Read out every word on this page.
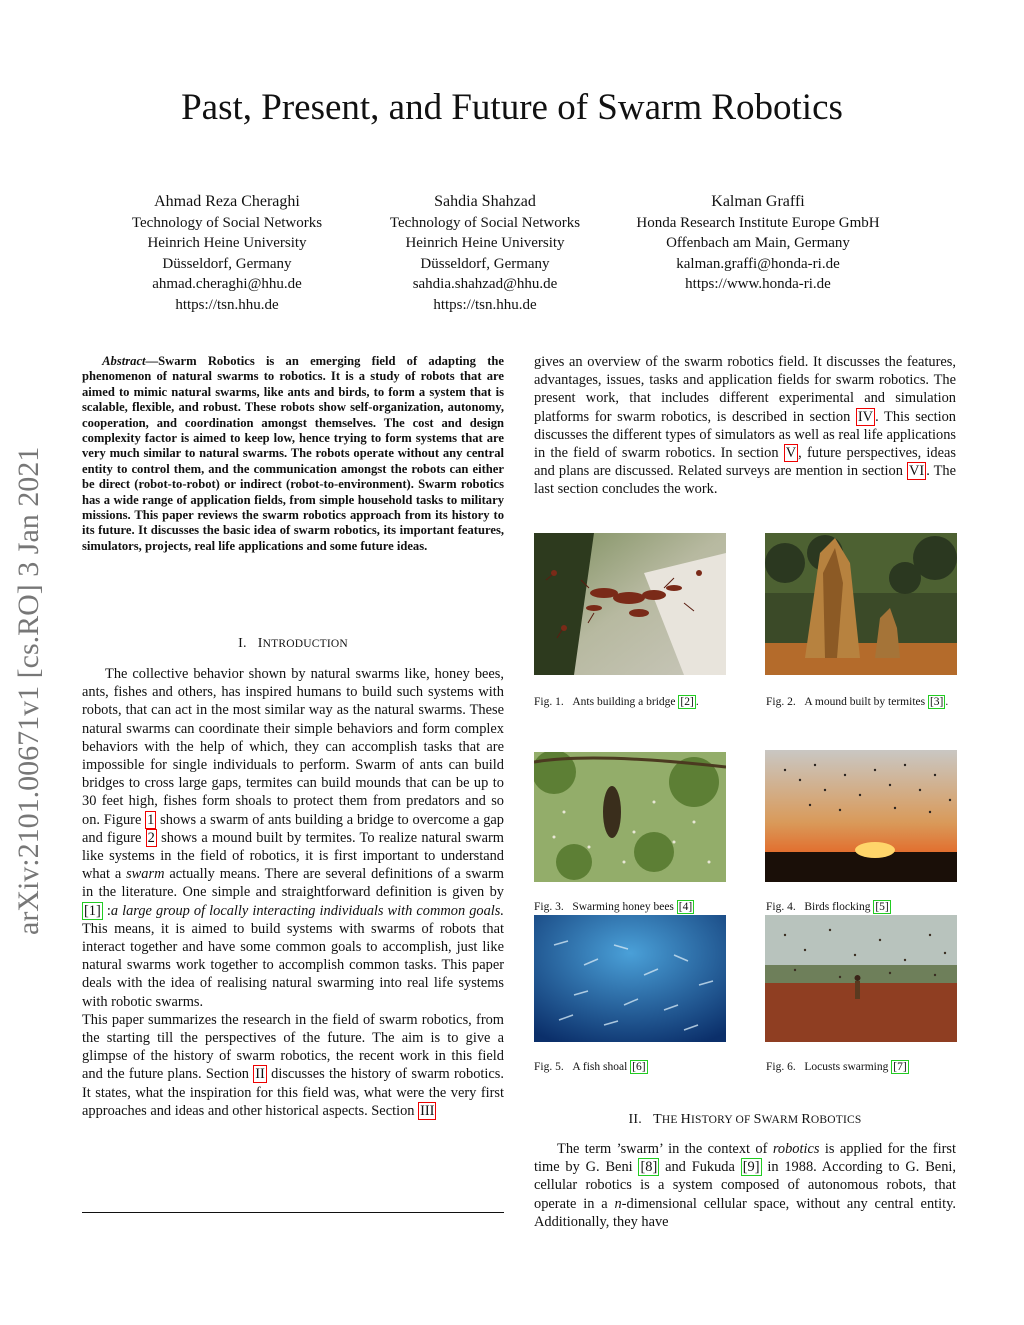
Past, Present, and Future of Swarm Robotics
Ahmad Reza Cheraghi
Technology of Social Networks
Heinrich Heine University
Düsseldorf, Germany
ahmad.cheraghi@hhu.de
https://tsn.hhu.de
Sahdia Shahzad
Technology of Social Networks
Heinrich Heine University
Düsseldorf, Germany
sahdia.shahzad@hhu.de
https://tsn.hhu.de
Kalman Graffi
Honda Research Institute Europe GmbH
Offenbach am Main, Germany
kalman.graffi@honda-ri.de
https://www.honda-ri.de
arXiv:2101.00671v1 [cs.RO] 3 Jan 2021
Abstract—Swarm Robotics is an emerging field of adapting the phenomenon of natural swarms to robotics. It is a study of robots that are aimed to mimic natural swarms, like ants and birds, to form a system that is scalable, flexible, and robust. These robots show self-organization, autonomy, cooperation, and coordination amongst themselves. The cost and design complexity factor is aimed to keep low, hence trying to form systems that are very much similar to natural swarms. The robots operate without any central entity to control them, and the communication amongst the robots can either be direct (robot-to-robot) or indirect (robot-to-environment). Swarm robotics has a wide range of application fields, from simple household tasks to military missions. This paper reviews the swarm robotics approach from its history to its future. It discusses the basic idea of swarm robotics, its important features, simulators, projects, real life applications and some future ideas.
I. INTRODUCTION

The collective behavior shown by natural swarms like, honey bees, ants, fishes and others, has inspired humans to build such systems with robots, that can act in the most similar way as the natural swarms. These natural swarms can coordinate their simple behaviors and form complex behaviors with the help of which, they can accomplish tasks that are impossible for single individuals to perform. Swarm of ants can build bridges to cross large gaps, termites can build mounds that can be up to 30 feet high, fishes form shoals to protect them from predators and so on. Figure 1 shows a swarm of ants building a bridge to overcome a gap and figure 2 shows a mound built by termites. To realize natural swarm like systems in the field of robotics, it is first important to understand what a swarm actually means. There are several definitions of a swarm in the literature. One simple and straightforward definition is given by [1] :a large group of locally interacting individuals with common goals. This means, it is aimed to build systems with swarms of robots that interact together and have some common goals to accomplish, just like natural swarms work together to accomplish common tasks. This paper deals with the idea of realising natural swarming into real life systems with robotic swarms.

This paper summarizes the research in the field of swarm robotics, from the starting till the perspectives of the future. The aim is to give a glimpse of the history of swarm robotics, the recent work in this field and the future plans. Section II discusses the history of swarm robotics. It states, what the inspiration for this field was, what were the very first approaches and ideas and other historical aspects. Section III

gives an overview of the swarm robotics field. It discusses the features, advantages, issues, tasks and application fields for swarm robotics. The present work, that includes different experimental and simulation platforms for swarm robotics, is described in section IV . This section discusses the different types of simulators as well as real life applications in the field of swarm robotics. In section V , future perspectives, ideas and plans are discussed. Related surveys are mention in section VI . The last section concludes the work.

Fig. 1. Ants building a bridge [2] .	Fig. 2. A mound built by termites [3] .
Fig. 3. Swarming honey bees [4]	Fig. 4. Birds flocking [5]
Fig. 5. A fish shoal [6]	Fig. 6. Locusts swarming [7]
II. THE HISTORY OF SWARM ROBOTICS

The term ’swarm’ in the context of robotics is applied for the first time by G. Beni [8] and Fukuda [9] in 1988. According to G. Beni, cellular robotics is a system composed of autonomous robots, that operate in a n-dimensional cellular space, without any central entity. Additionally, they have
